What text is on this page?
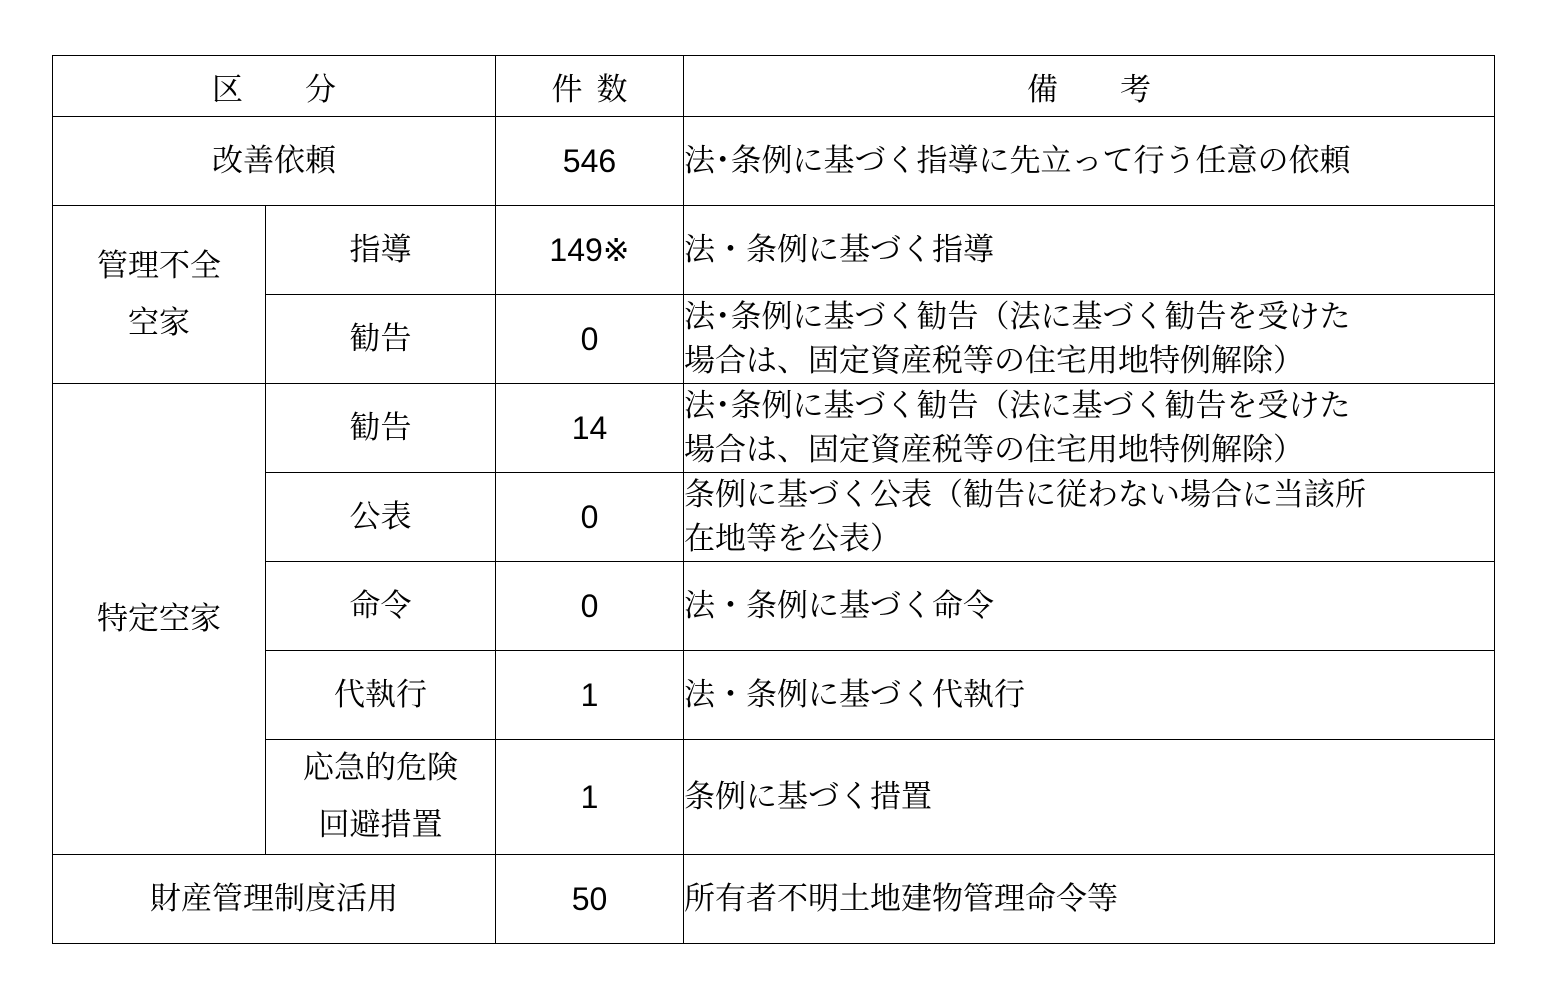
区　　分		件数	備　　考
改善依頼		546	法･条例に基づく指導に先立って行う任意の依頼

管理不全
空家	指導	149※	法・条例に基づく指導
	勧告	0	法･条例に基づく勧告（法に基づく勧告を受けた
場合は、固定資産税等の住宅用地特例解除）

特定空家	勧告	14	法･条例に基づく勧告（法に基づく勧告を受けた
場合は、固定資産税等の住宅用地特例解除）

	公表	0	条例に基づく公表（勧告に従わない場合に当該所
在地等を公表）

	命令	0	法・条例に基づく命令
	代執行	1	法・条例に基づく代執行

	応急的危険
回避措置	1	条例に基づく措置
財産管理制度活用		50	所有者不明土地建物管理命令等
